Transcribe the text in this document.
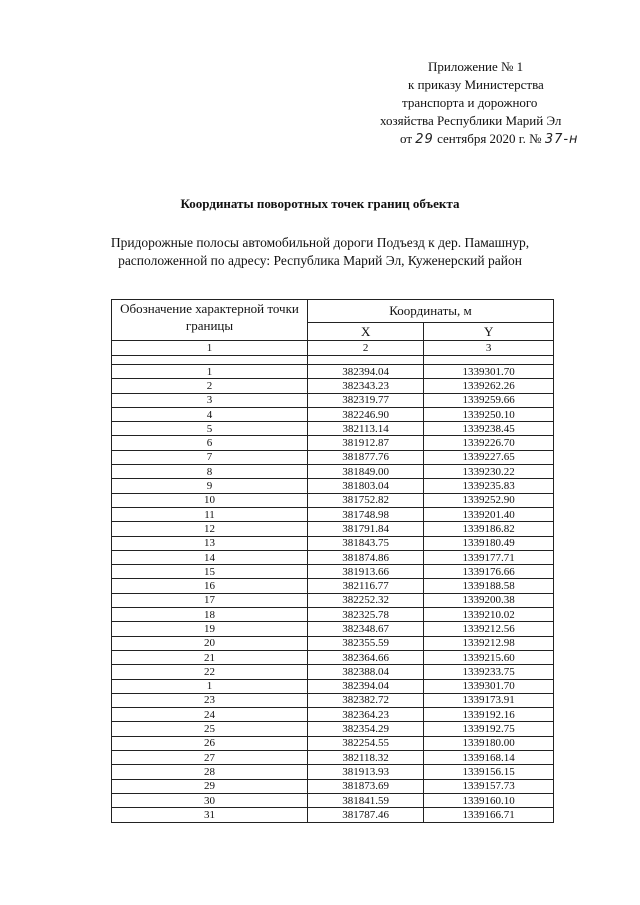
Приложение № 1
к приказу Министерства
транспорта и дорожного
хозяйства Республики Марий Эл
от 29 сентября 2020 г. № 37-н
Координаты поворотных точек границ объекта
Придорожные полосы автомобильной дороги Подъезд к дер. Памашнур,
расположенной по адресу: Республика Марий Эл, Куженерский район
Обозначение характерной точки границы	Координаты, м	
	X	Y
1	2	3

1	382394.04	1339301.70
2	382343.23	1339262.26
3	382319.77	1339259.66
4	382246.90	1339250.10
5	382113.14	1339238.45
6	381912.87	1339226.70
7	381877.76	1339227.65
8	381849.00	1339230.22
9	381803.04	1339235.83
10	381752.82	1339252.90
11	381748.98	1339201.40
12	381791.84	1339186.82
13	381843.75	1339180.49
14	381874.86	1339177.71
15	381913.66	1339176.66
16	382116.77	1339188.58
17	382252.32	1339200.38
18	382325.78	1339210.02
19	382348.67	1339212.56
20	382355.59	1339212.98
21	382364.66	1339215.60
22	382388.04	1339233.75
1	382394.04	1339301.70
23	382382.72	1339173.91
24	382364.23	1339192.16
25	382354.29	1339192.75
26	382254.55	1339180.00
27	382118.32	1339168.14
28	381913.93	1339156.15
29	381873.69	1339157.73
30	381841.59	1339160.10
31	381787.46	1339166.71
